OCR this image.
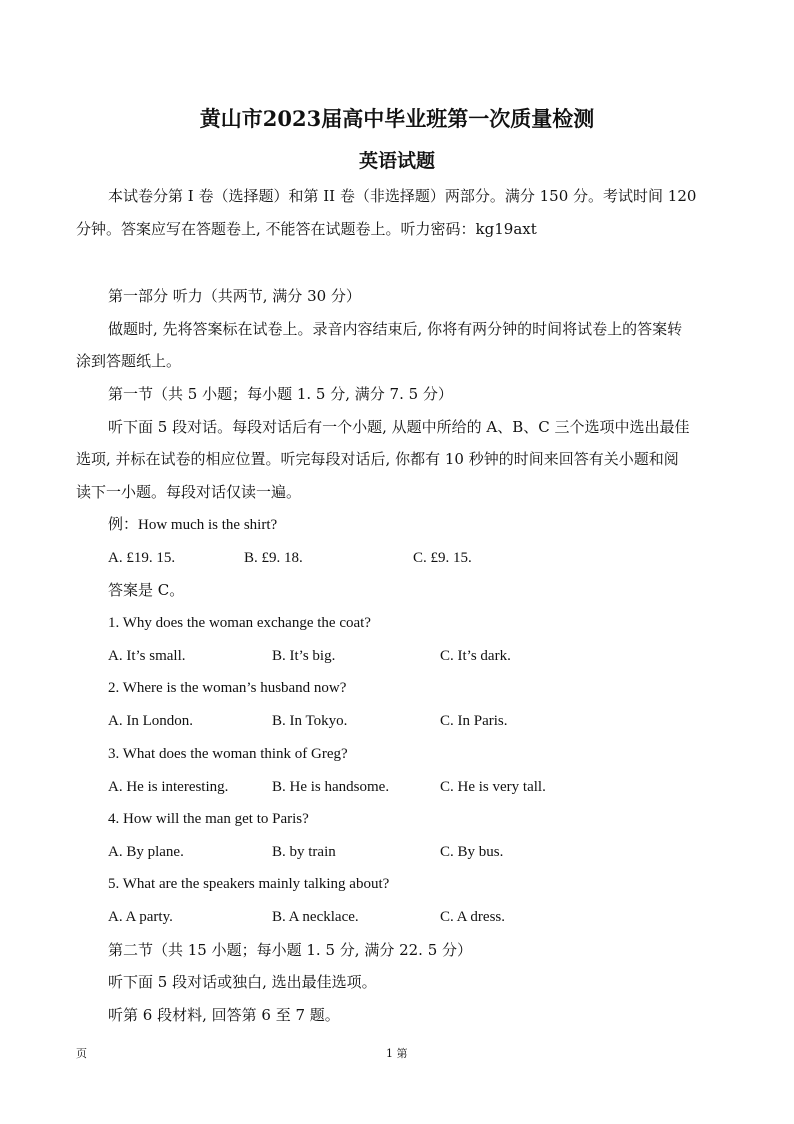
黄山市2023届高中毕业班第一次质量检测
英语试题
本试卷分第 I 卷（选择题）和第 II 卷（非选择题）两部分。满分 150 分。考试时间 120
分钟。答案应写在答题卷上, 不能答在试题卷上。听力密码：kg19axt
第一部分 听力（共两节, 满分 30 分）
做题时, 先将答案标在试卷上。录音内容结束后, 你将有两分钟的时间将试卷上的答案转
涂到答题纸上。
第一节（共 5 小题；每小题 1. 5 分, 满分 7. 5 分）
听下面 5 段对话。每段对话后有一个小题, 从题中所给的 A、B、C 三个选项中选出最佳
选项, 并标在试卷的相应位置。听完每段对话后, 你都有 10 秒钟的时间来回答有关小题和阅
读下一小题。每段对话仅读一遍。
例：How much is the shirt?
A. £19. 15.	B. £9. 18.	C. £9. 15.
答案是 C。
1. Why does the woman exchange the coat?
A. It’s small.	B. It’s big.	C. It’s dark.
2. Where is the woman’s husband now?
A. In London.	B. In Tokyo.	C. In Paris.
3. What does the woman think of Greg?
A. He is interesting.	B. He is handsome.	C. He is very tall.
4. How will the man get to Paris?
A. By plane.	B. by train	C. By bus.
5. What are the speakers mainly talking about?
A. A party.	B. A necklace.	C. A dress.
第二节（共 15 小题；每小题 1. 5 分, 满分 22. 5 分）
听下面 5 段对话或独白, 选出最佳选项。
听第 6 段材料, 回答第 6 至 7 题。
页	1 第
